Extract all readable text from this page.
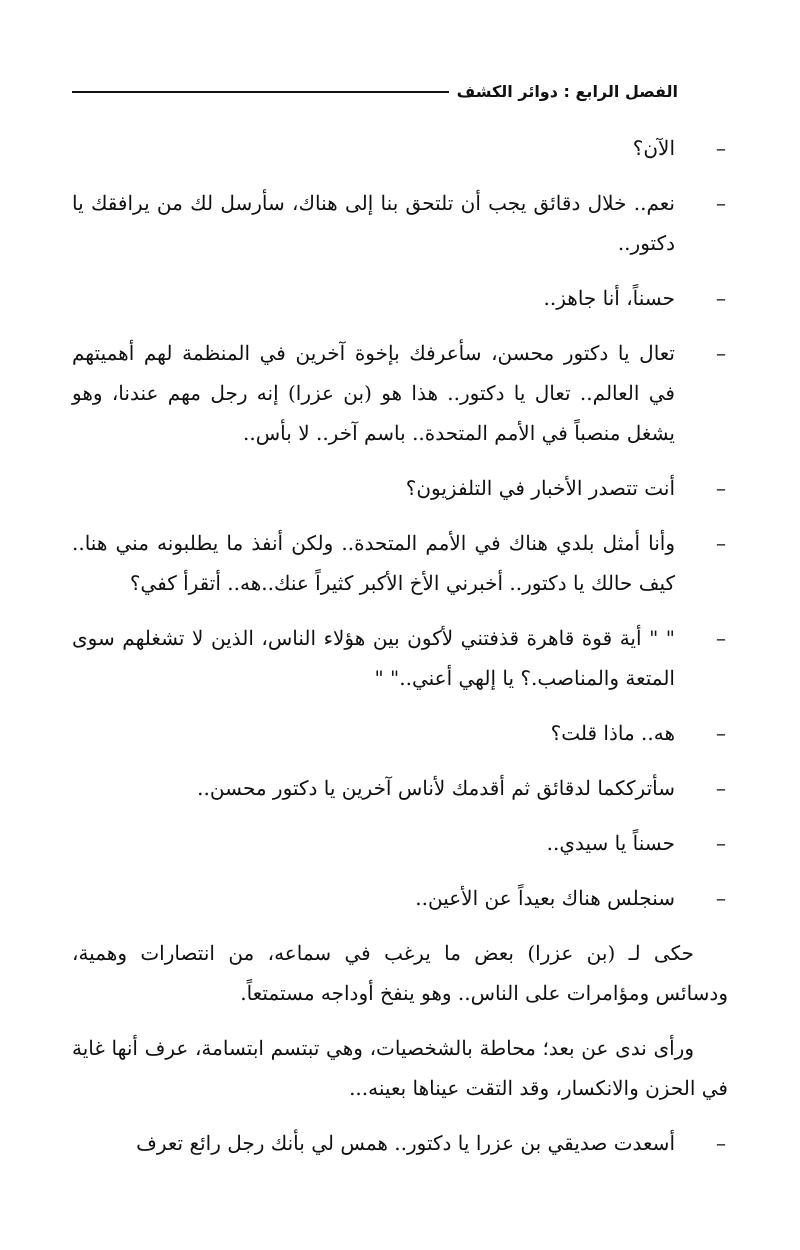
الفصل الرابع : دوائر الكشف

–
الآن؟

–
نعم.. خلال دقائق يجب أن تلتحق بنا إلى هناك، سأرسل لك من يرافقك يا دكتور..

–
حسناً، أنا جاهز..

–
تعال يا دكتور محسن، سأعرفك بإخوة آخرين في المنظمة لهم أهميتهم في العالم.. تعال يا دكتور.. هذا هو (بن عزرا) إنه رجل مهم عندنا، وهو يشغل منصباً في الأمم المتحدة.. باسم آخر.. لا بأس..

–
أنت تتصدر الأخبار في التلفزيون؟

–
وأنا أمثل بلدي هناك في الأمم المتحدة.. ولكن أنفذ ما يطلبونه مني هنا.. كيف حالك يا دكتور.. أخبرني الأخ الأكبر كثيراً عنك..هه.. أتقرأ كفي؟

–
" " أية قوة قاهرة قذفتني لأكون بين هؤلاء الناس، الذين لا تشغلهم سوى المتعة والمناصب.؟ يا إلهي أعني.." "

–
هه.. ماذا قلت؟

–
سأترككما لدقائق ثم أقدمك لأناس آخرين يا دكتور محسن..

–
حسناً يا سيدي..

–
سنجلس هناك بعيداً عن الأعين..

حكى لـ (بن عزرا) بعض ما يرغب في سماعه، من انتصارات وهمية، ودسائس ومؤامرات على الناس.. وهو ينفخ أوداجه مستمتعاً.

ورأى ندى عن بعد؛ محاطة بالشخصيات، وهي تبتسم ابتسامة، عرف أنها غاية في الحزن والانكسار، وقد التقت عيناها بعينه...

–
أسعدت صديقي بن عزرا يا دكتور.. همس لي بأنك رجل رائع تعرف
